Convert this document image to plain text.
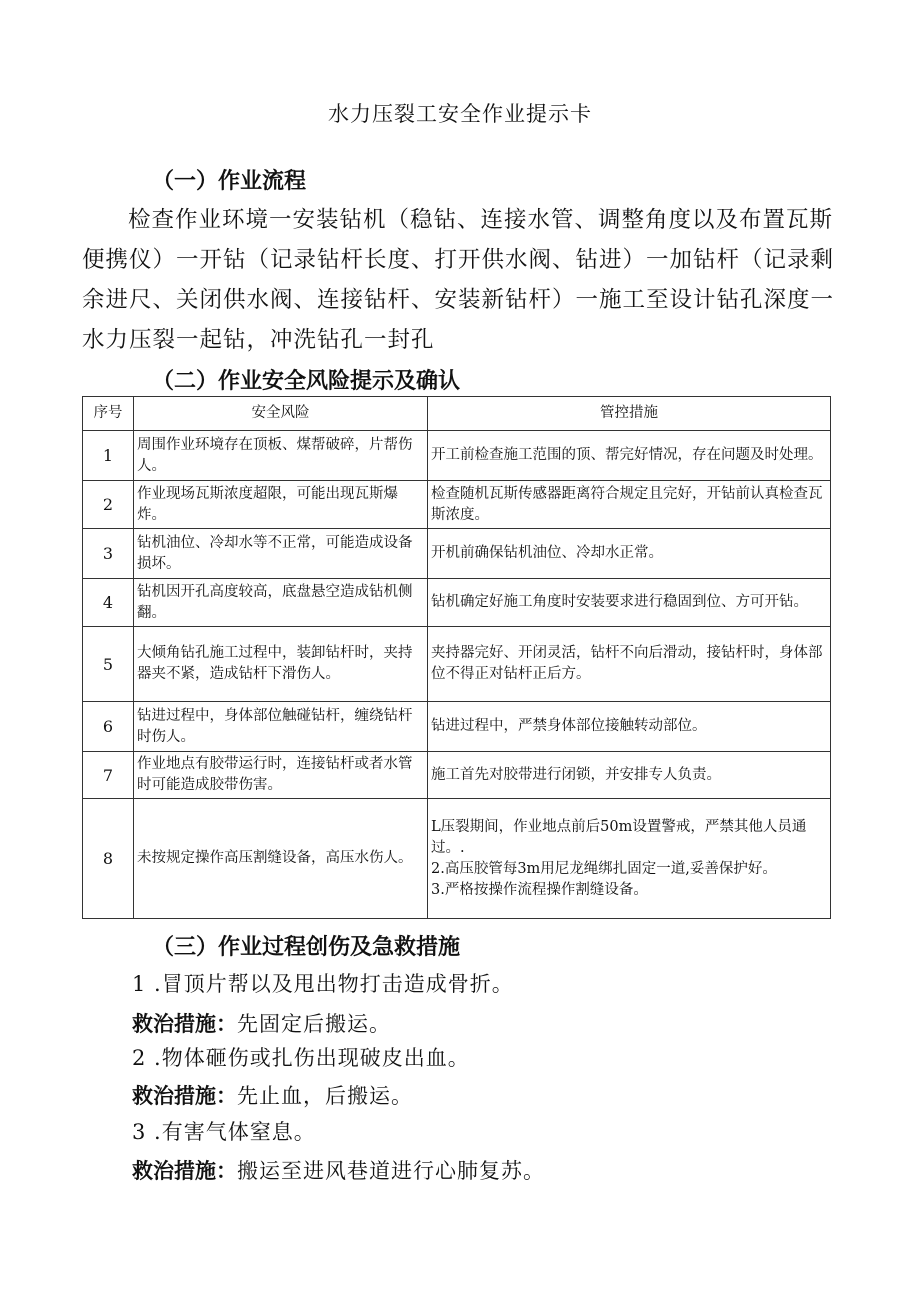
水力压裂工安全作业提示卡
（一）作业流程

检查作业环境一安装钻机（稳钻、连接水管、调整角度以及布置瓦斯便携仪）一开钻（记录钻杆长度、打开供水阀、钻进）一加钻杆（记录剩余进尺、关闭供水阀、连接钻杆、安装新钻杆）一施工至设计钻孔深度一水力压裂一起钻，冲洗钻孔一封孔

（二）作业安全风险提示及确认
序号	安全风险	管控措施
1	周围作业环境存在顶板、煤帮破碎，片帮伤人。	开工前检查施工范围的顶、帮完好情况，存在问题及时处理。
2	作业现场瓦斯浓度超限，可能出现瓦斯爆炸。	检查随机瓦斯传感器距离符合规定且完好，开钻前认真检查瓦斯浓度。
3	钻机油位、冷却水等不正常，可能造成设备损坏。	开机前确保钻机油位、冷却水正常。
4	钻机因开孔高度较高，底盘悬空造成钻机侧翻。	钻机确定好施工角度时安装要求进行稳固到位、方可开钻。
5	大倾角钻孔施工过程中，装卸钻杆时，夹持器夹不紧，造成钻杆下滑伤人。	夹持器完好、开闭灵活，钻杆不向后滑动，接钻杆时，身体部位不得正对钻杆正后方。
6	钻进过程中，身体部位触碰钻杆，缠绕钻杆时伤人。	钻进过程中，严禁身体部位接触转动部位。
7	作业地点有胶带运行时，连接钻杆或者水管时可能造成胶带伤害。	施工首先对胶带进行闭锁，并安排专人负责。
8	未按规定操作高压割缝设备，高压水伤人。	L压裂期间，作业地点前后50m设置警戒，严禁其他人员通过。.
2.高压胶管每3m用尼龙绳绑扎固定一道,妥善保护好。
3.严格按操作流程操作割缝设备。
（三）作业过程创伤及急救措施
1 .冒顶片帮以及甩出物打击造成骨折。
救治措施：先固定后搬运。
2 .物体砸伤或扎伤出现破皮出血。
救治措施：先止血，后搬运。
3 .有害气体窒息。
救治措施：搬运至进风巷道进行心肺复苏。
